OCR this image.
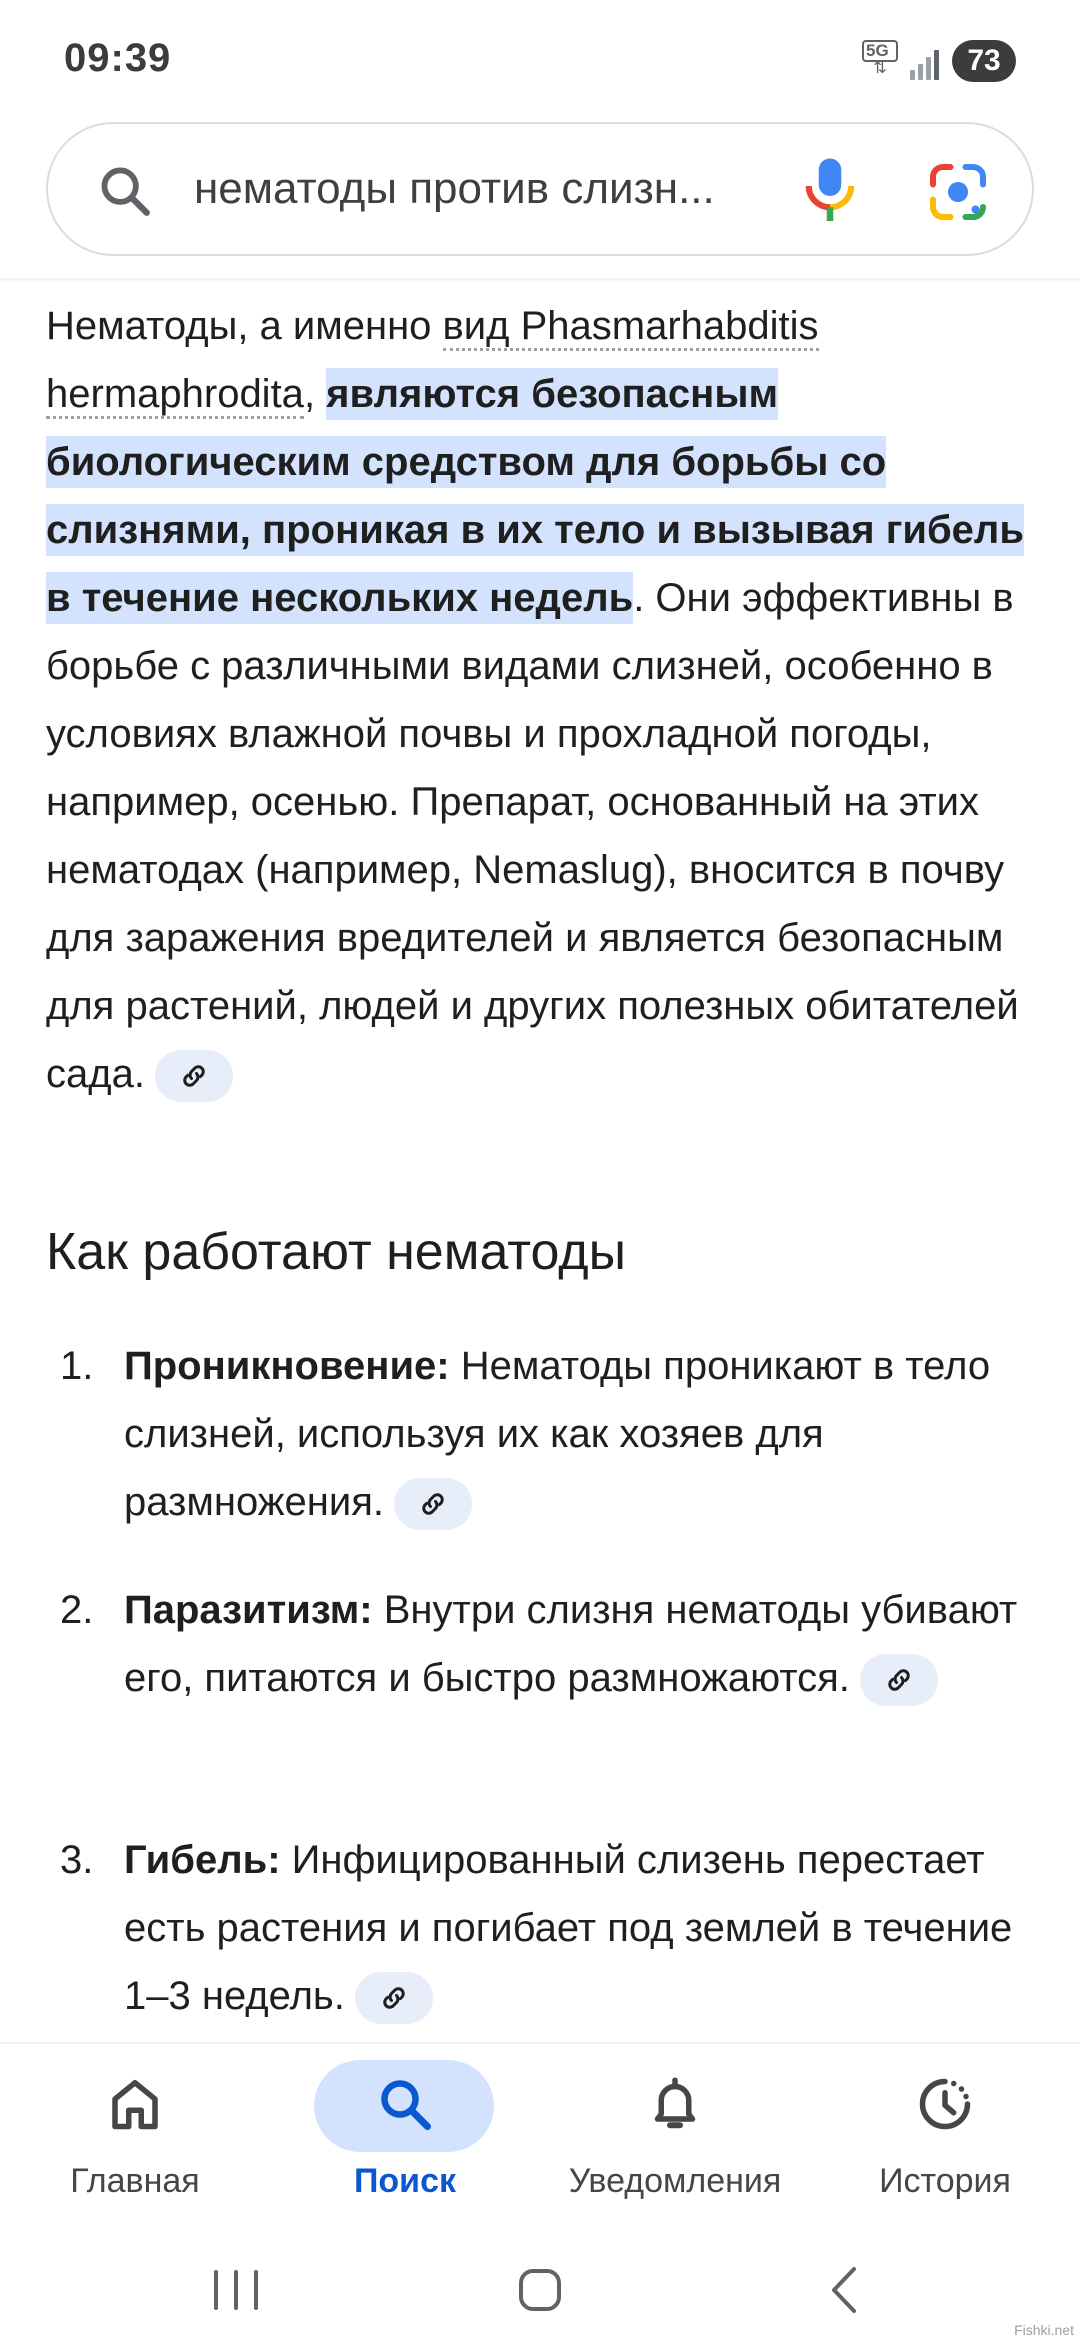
09:39	5G
⇅	73
нематоды против слизн...

Нематоды, а именно вид Phasmarhabditis hermaphrodita, являются безопасным биологическим средством для борьбы со слизнями, проникая в их тело и вызывая гибель в течение нескольких недель. Они эффективны в борьбе с различными видами слизней, особенно в условиях влажной почвы и прохладной погоды, например, осенью. Препарат, основанный на этих нематодах (например, Nemaslug), вносится в почву для заражения вредителей и является безопасным для растений, людей и других полезных обитателей сада.

Как работают нематоды
1. Проникновение: Нематоды проникают в тело слизней, используя их как хозяев для размножения.
2. Паразитизм: Внутри слизня нематоды убивают его, питаются и быстро размножаются.
3. Гибель: Инфицированный слизень перестает есть растения и погибает под землей в течение 1–3 недель.
Главная	Поиск	Уведомления	История
Fishki.net
